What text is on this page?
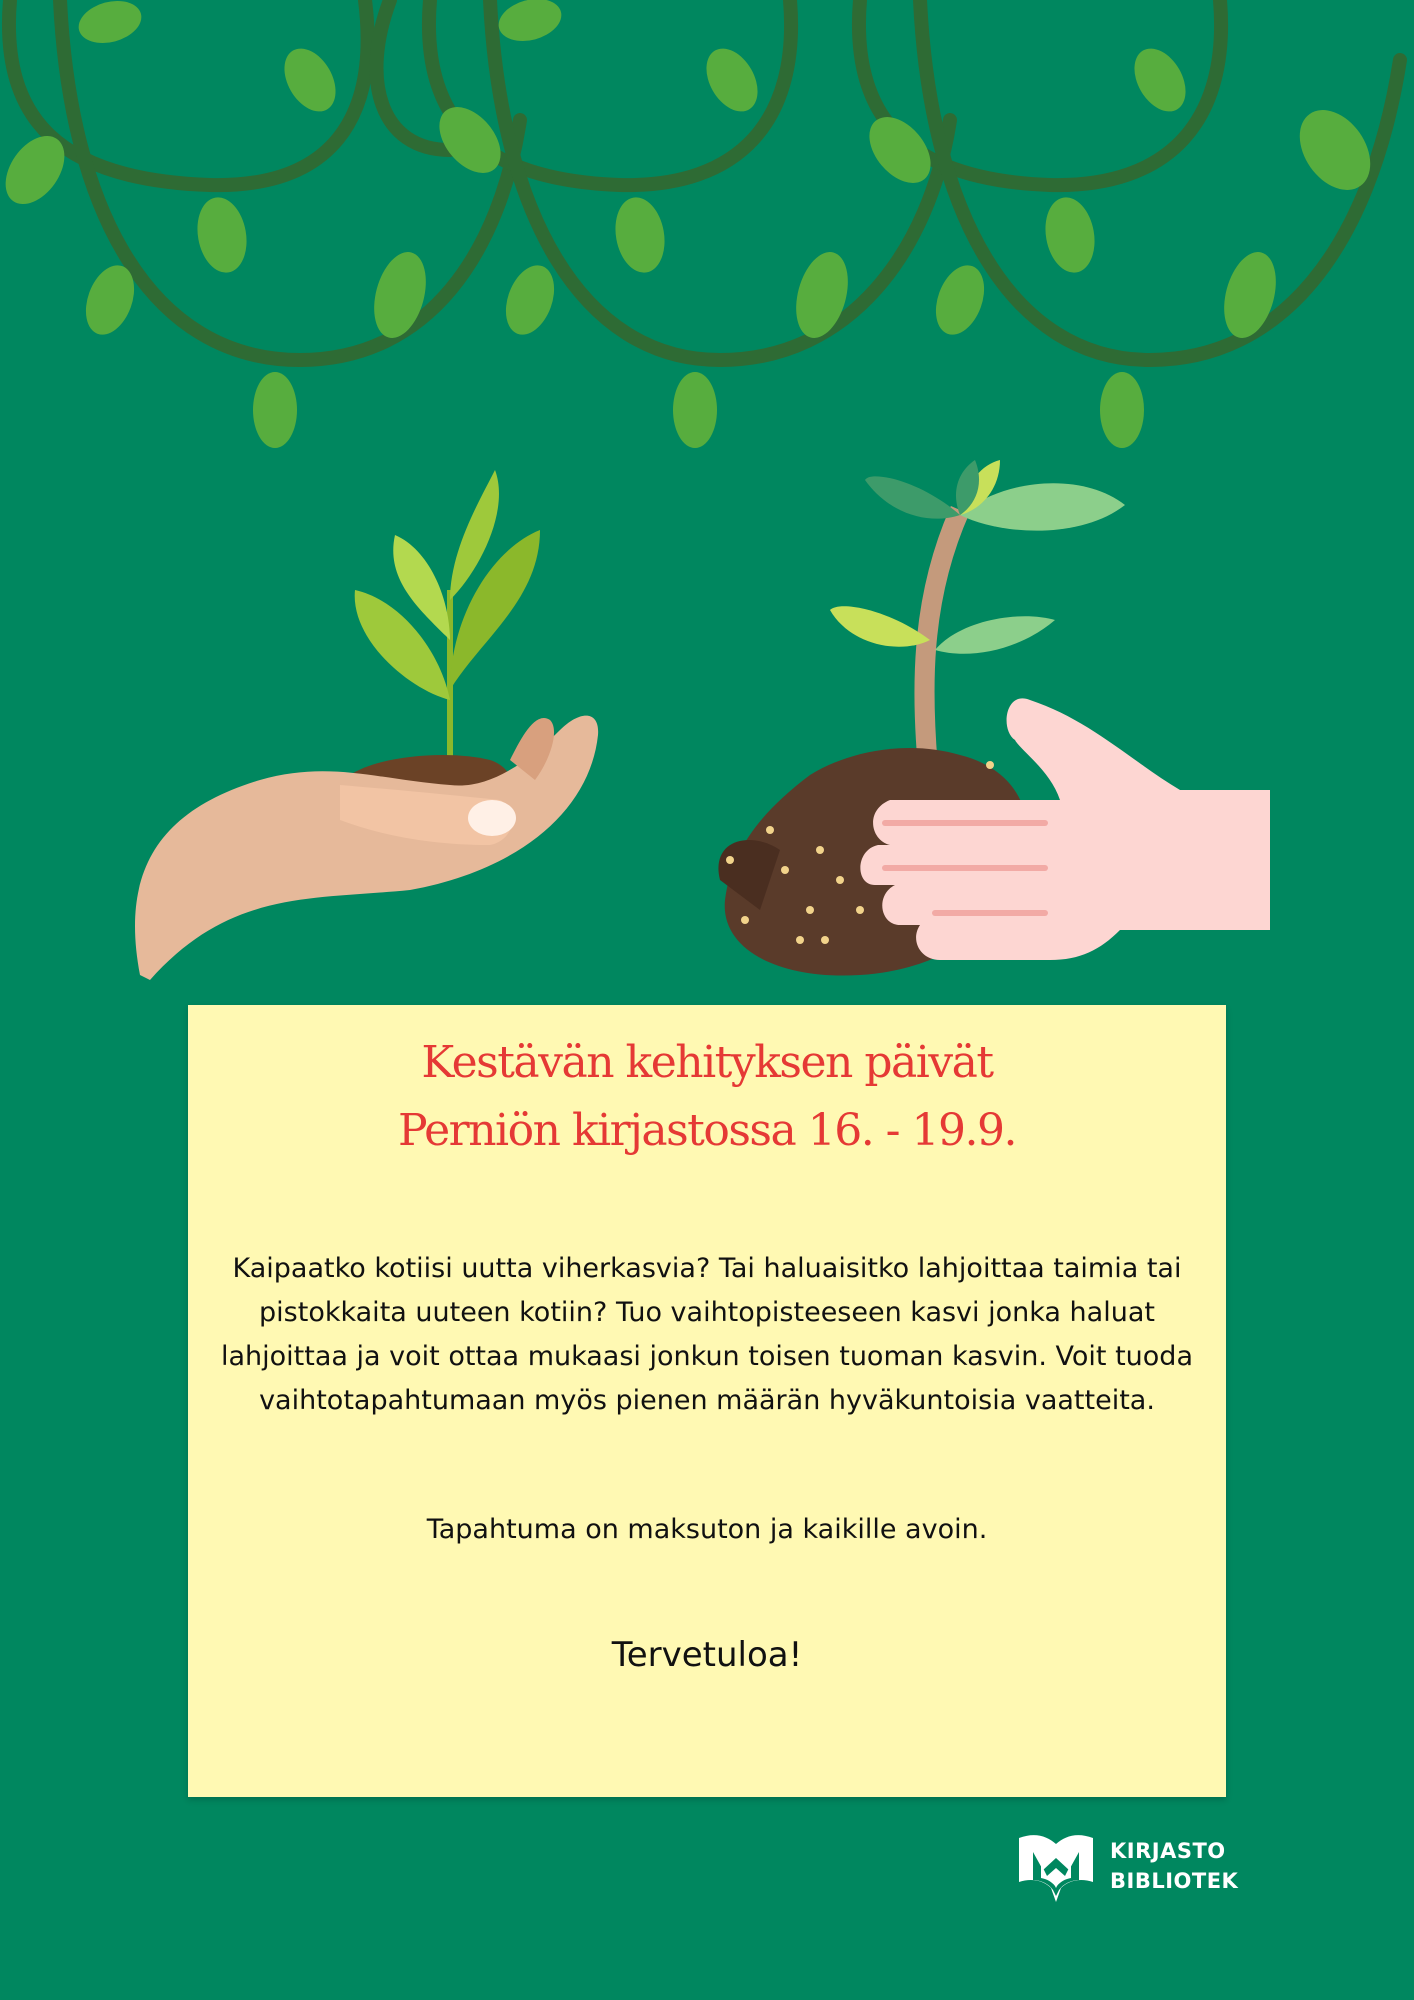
Kestävän kehityksen päivät
Perniön kirjastossa 16. - 19.9.
Kaipaatko kotiisi uutta viherkasvia? Tai haluaisitko lahjoittaa taimia tai pistokkaita uuteen kotiin? Tuo vaihtopisteeseen kasvi jonka haluat lahjoittaa ja voit ottaa mukaasi jonkun toisen tuoman kasvin. Voit tuoda vaihtotapahtumaan myös pienen määrän hyväkuntoisia vaatteita.
Tapahtuma on maksuton ja kaikille avoin.
Tervetuloa!
KIRJASTO
BIBLIOTEK
